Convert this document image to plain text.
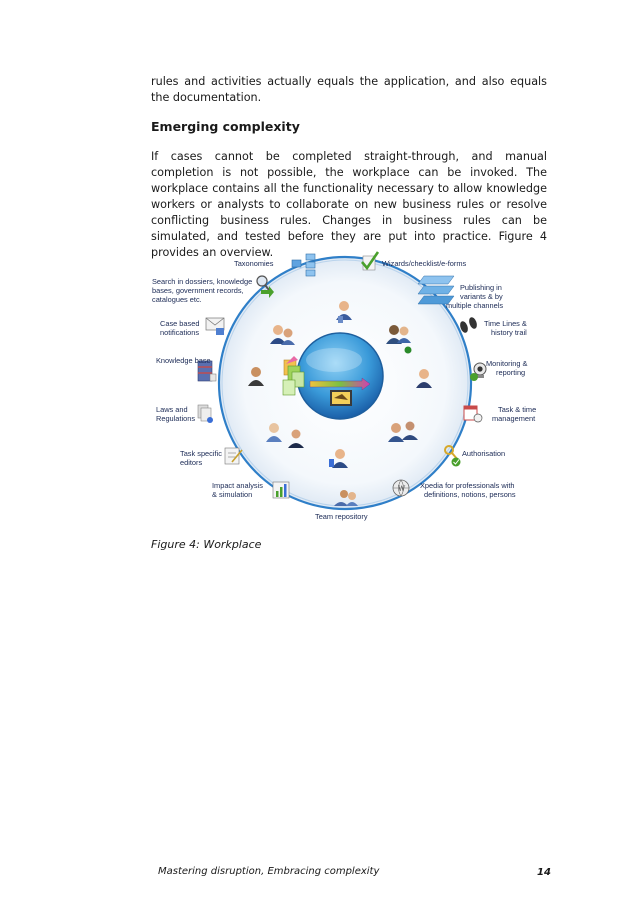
rules and activities actually equals the application, and also equals the documentation.

Emerging complexity

If cases cannot be completed straight-through, and manual completion is not possible, the workplace can be invoked. The workplace contains all the functionality necessary to allow knowledge workers or analysts to collaborate on new business rules or resolve conflicting business rules. Changes in business rules can be simulated, and tested before they are put into practice. Figure 4 provides an overview.

W
Taxonomies	Wizards/checklist/e-forms
Search in dossiers, knowledge
bases, government records,
catalogues etc.
Publishing in
variants & by
multiple channels
Case based
notifications
Time Lines &
history trail
Knowledge base	Monitoring &
reporting
Laws and
Regulations
Task & time
management
Task specific
editors
Authorisation
Impact analysis
& simulation
Xpedia for professionals with
definitions, notions, persons
Team repository

Figure 4: Workplace

Mastering disruption, Embracing complexity	14
